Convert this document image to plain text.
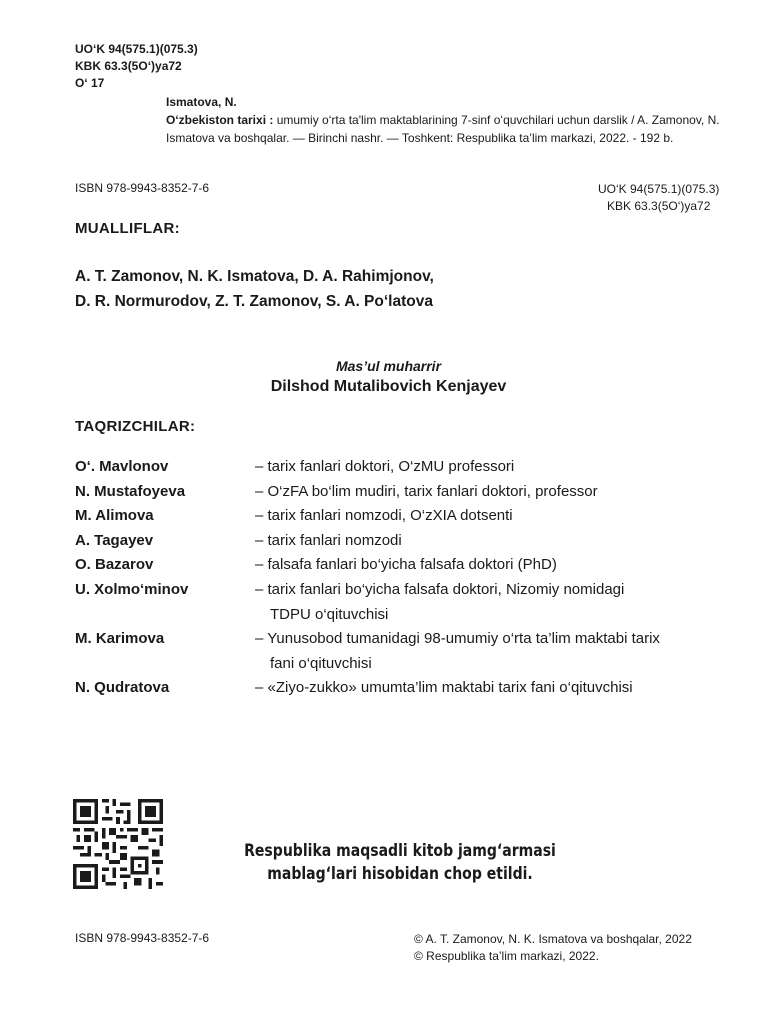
UO‘K 94(575.1)(075.3)
KBK 63.3(5O‘)ya72
O‘ 17
Ismatova, N.
O‘zbekiston tarixi : umumiy o‘rta ta'lim maktablarining 7-sinf o‘quvchilari uchun darslik / A. Zamonov, N. Ismatova va boshqalar. — Birinchi nashr. — Toshkent: Respublika ta’lim markazi, 2022. - 192 b.
ISBN 978-9943-8352-7-6	UO‘K 94(575.1)(075.3)
KBK 63.3(5O‘)ya72
MUALLIFLAR:
A. T. Zamonov, N. K. Ismatova, D. A. Rahimjonov,
D. R. Normurodov, Z. T. Zamonov, S. A. Po‘latova
Mas’ul muharrir
Dilshod Mutalibovich Kenjayev
TAQRIZCHILAR:
O‘. Mavlonov	– tarix fanlari doktori, O‘zMU professori
N. Mustafoyeva	– O‘zFA bo‘lim mudiri, tarix fanlari doktori, professor
M. Alimova	– tarix fanlari nomzodi, O‘zXIA dotsenti
A. Tagayev	– tarix fanlari nomzodi
O. Bazarov	– falsafa fanlari bo‘yicha falsafa doktori (PhD)
U. Xolmo‘minov	– tarix fanlari bo‘yicha falsafa doktori, Nizomiy nomidagi
TDPU o‘qituvchisi
M. Karimova	– Yunusobod tumanidagi 98-umumiy o‘rta ta’lim maktabi tarix
fani o‘qituvchisi
N. Qudratova	– «Ziyo-zukko» umumta’lim maktabi tarix fani o‘qituvchisi
Respublika maqsadli kitob jamg‘armasi
mablag‘lari hisobidan chop etildi.
ISBN 978-9943-8352-7-6	© A. T. Zamonov, N. K. Ismatova va boshqalar, 2022
© Respublika ta’lim markazi, 2022.
